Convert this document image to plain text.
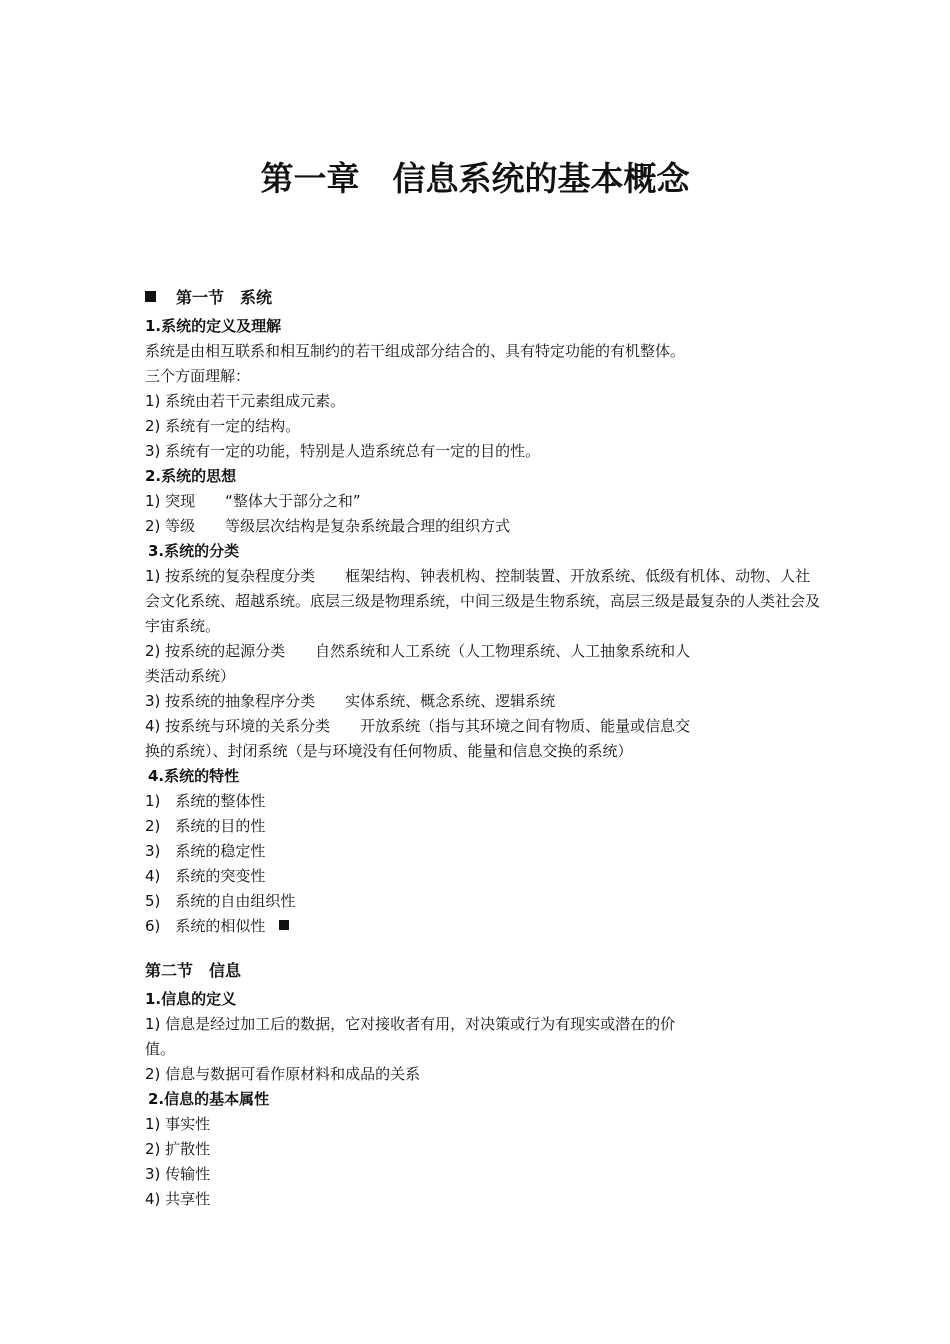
第一章　信息系统的基本概念
第一节　系统
1.系统的定义及理解
系统是由相互联系和相互制约的若干组成部分结合的、具有特定功能的有机整体。
三个方面理解：
1) 系统由若干元素组成元素。
2) 系统有一定的结构。
3) 系统有一定的功能，特别是人造系统总有一定的目的性。
2.系统的思想
1) 突现　　“整体大于部分之和”
2) 等级　　等级层次结构是复杂系统最合理的组织方式
3.系统的分类
1) 按系统的复杂程度分类　　框架结构、钟表机构、控制装置、开放系统、低级有机体、动物、人社会文化系统、超越系统。底层三级是物理系统，中间三级是生物系统，高层三级是最复杂的人类社会及宇宙系统。
2) 按系统的起源分类　　自然系统和人工系统（人工物理系统、人工抽象系统和人
类活动系统）
3) 按系统的抽象程序分类　　实体系统、概念系统、逻辑系统
4) 按系统与环境的关系分类　　开放系统（指与其环境之间有物质、能量或信息交
换的系统）、封闭系统（是与环境没有任何物质、能量和信息交换的系统）
4.系统的特性
1)　系统的整体性
2)　系统的目的性
3)　系统的稳定性
4)　系统的突变性
5)　系统的自由组织性
6)　系统的相似性
第二节　信息
1.信息的定义
1) 信息是经过加工后的数据，它对接收者有用，对决策或行为有现实或潜在的价
值。
2) 信息与数据可看作原材料和成品的关系
2.信息的基本属性
1) 事实性
2) 扩散性
3) 传输性
4) 共享性
